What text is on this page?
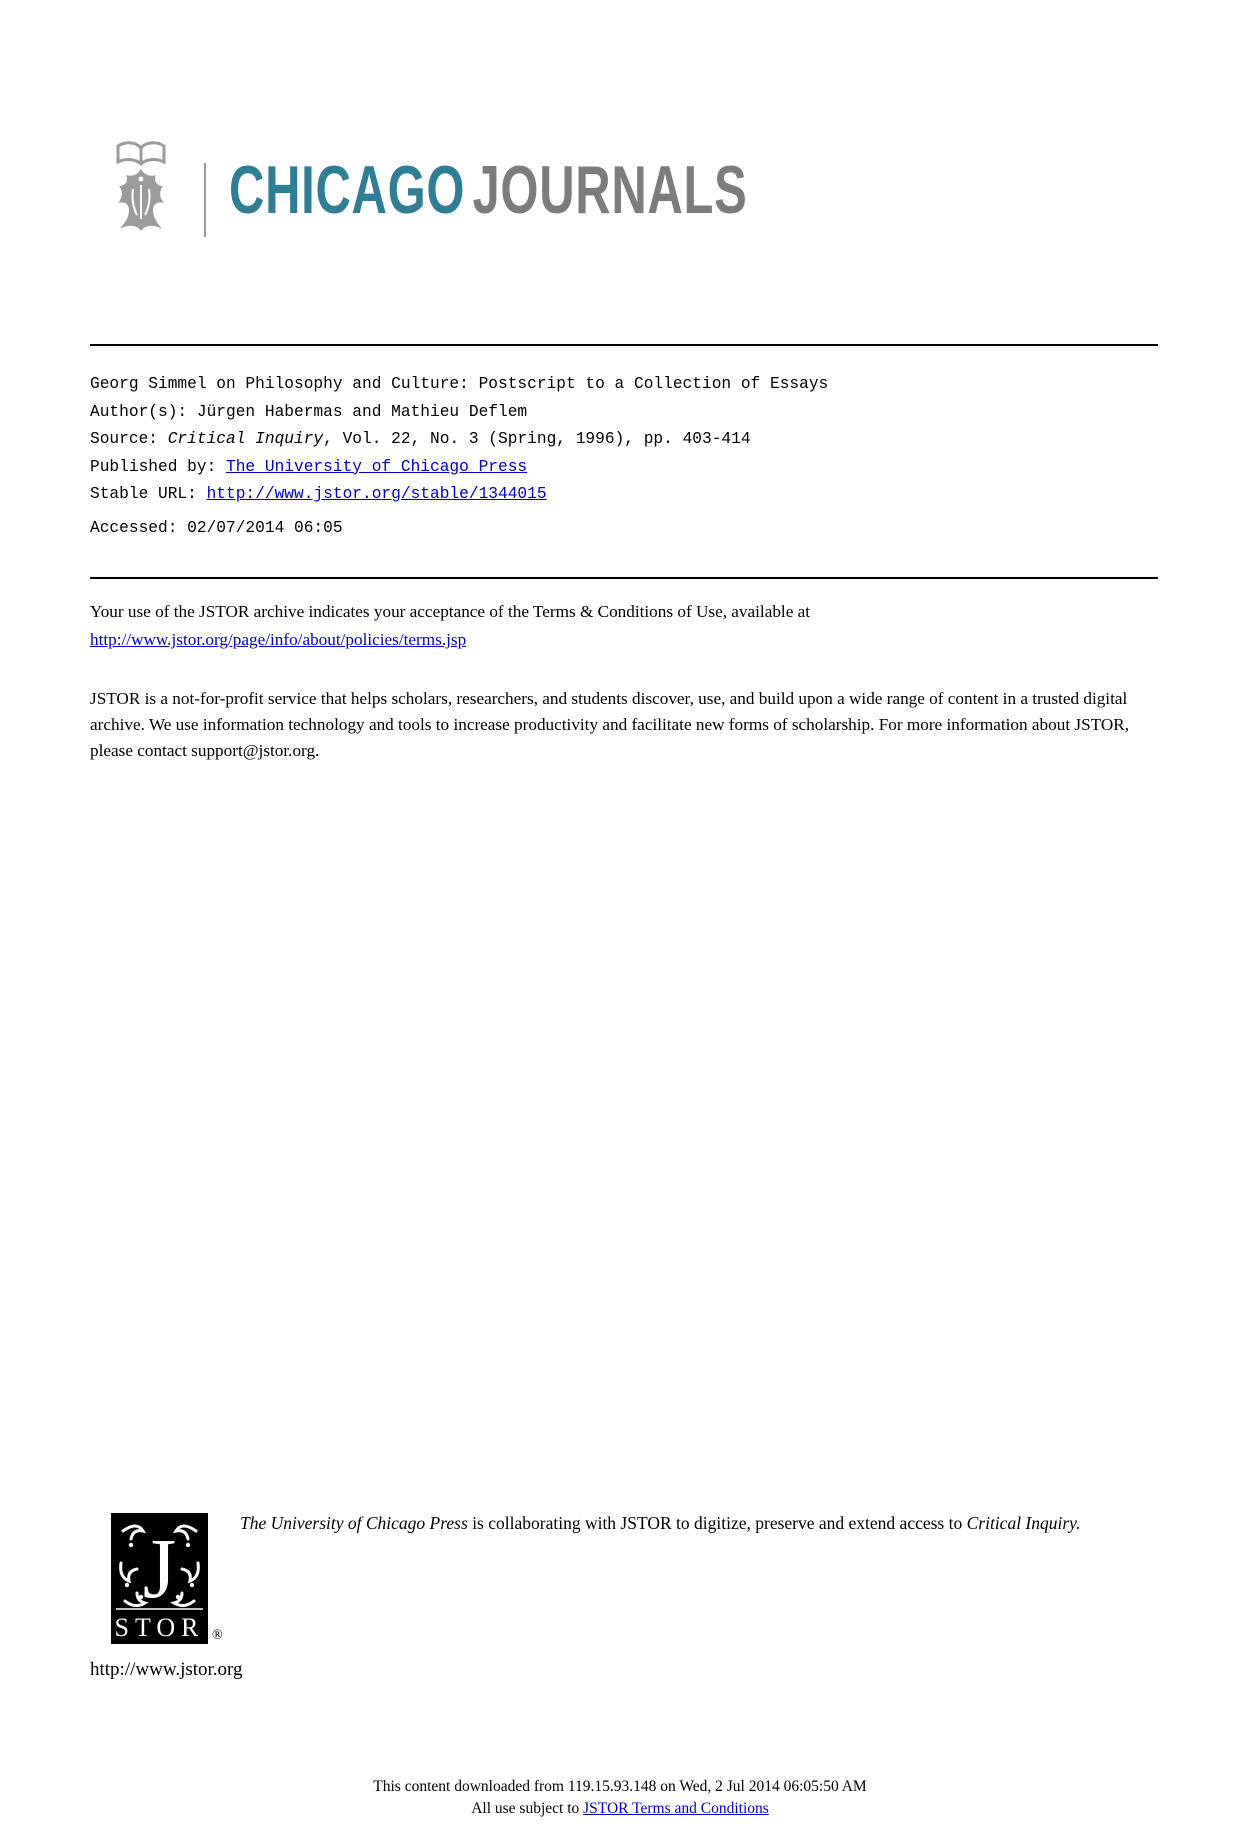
CHICAGO JOURNALS
Georg Simmel on Philosophy and Culture: Postscript to a Collection of Essays
Author(s): Jürgen Habermas and Mathieu Deflem
Source: Critical Inquiry, Vol. 22, No. 3 (Spring, 1996), pp. 403-414
Published by: The University of Chicago Press
Stable URL: http://www.jstor.org/stable/1344015
Accessed: 02/07/2014 06:05
Your use of the JSTOR archive indicates your acceptance of the Terms & Conditions of Use, available at http://www.jstor.org/page/info/about/policies/terms.jsp
JSTOR is a not-for-profit service that helps scholars, researchers, and students discover, use, and build upon a wide range of content in a trusted digital archive. We use information technology and tools to increase productivity and facilitate new forms of scholarship. For more information about JSTOR, please contact support@jstor.org.
J
STOR ®
The University of Chicago Press is collaborating with JSTOR to digitize, preserve and extend access to Critical Inquiry.
http://www.jstor.org
This content downloaded from 119.15.93.148 on Wed, 2 Jul 2014 06:05:50 AM
All use subject to JSTOR Terms and Conditions
